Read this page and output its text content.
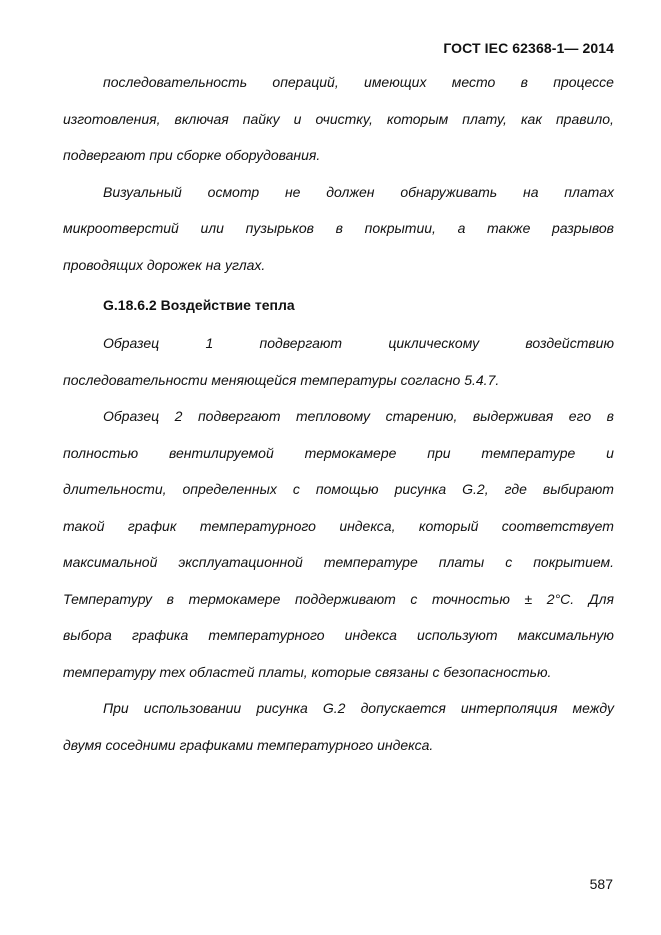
ГОСТ IEC 62368-1— 2014
последовательность операций, имеющих место в процессе
изготовления, включая пайку и очистку, которым плату, как правило,
подвергают при сборке оборудования.
Визуальный осмотр не должен обнаруживать на платах
микроотверстий или пузырьков в покрытии, а также разрывов
проводящих дорожек на углах.
G.18.6.2 Воздействие тепла
Образец	1	подвергают	циклическому	воздействию
последовательности меняющейся температуры согласно 5.4.7.
Образец 2 подвергают тепловому старению, выдерживая его в
полностью вентилируемой термокамере при температуре и
длительности, определенных с помощью рисунка G.2, где выбирают
такой график температурного индекса, который соответствует
максимальной эксплуатационной температуре платы с покрытием.
Температуру в термокамере поддерживают с точностью ± 2°С. Для
выбора графика температурного индекса используют максимальную
температуру тех областей платы, которые связаны с безопасностью.
При использовании рисунка G.2 допускается интерполяция между
двумя соседними графиками температурного индекса.
587
